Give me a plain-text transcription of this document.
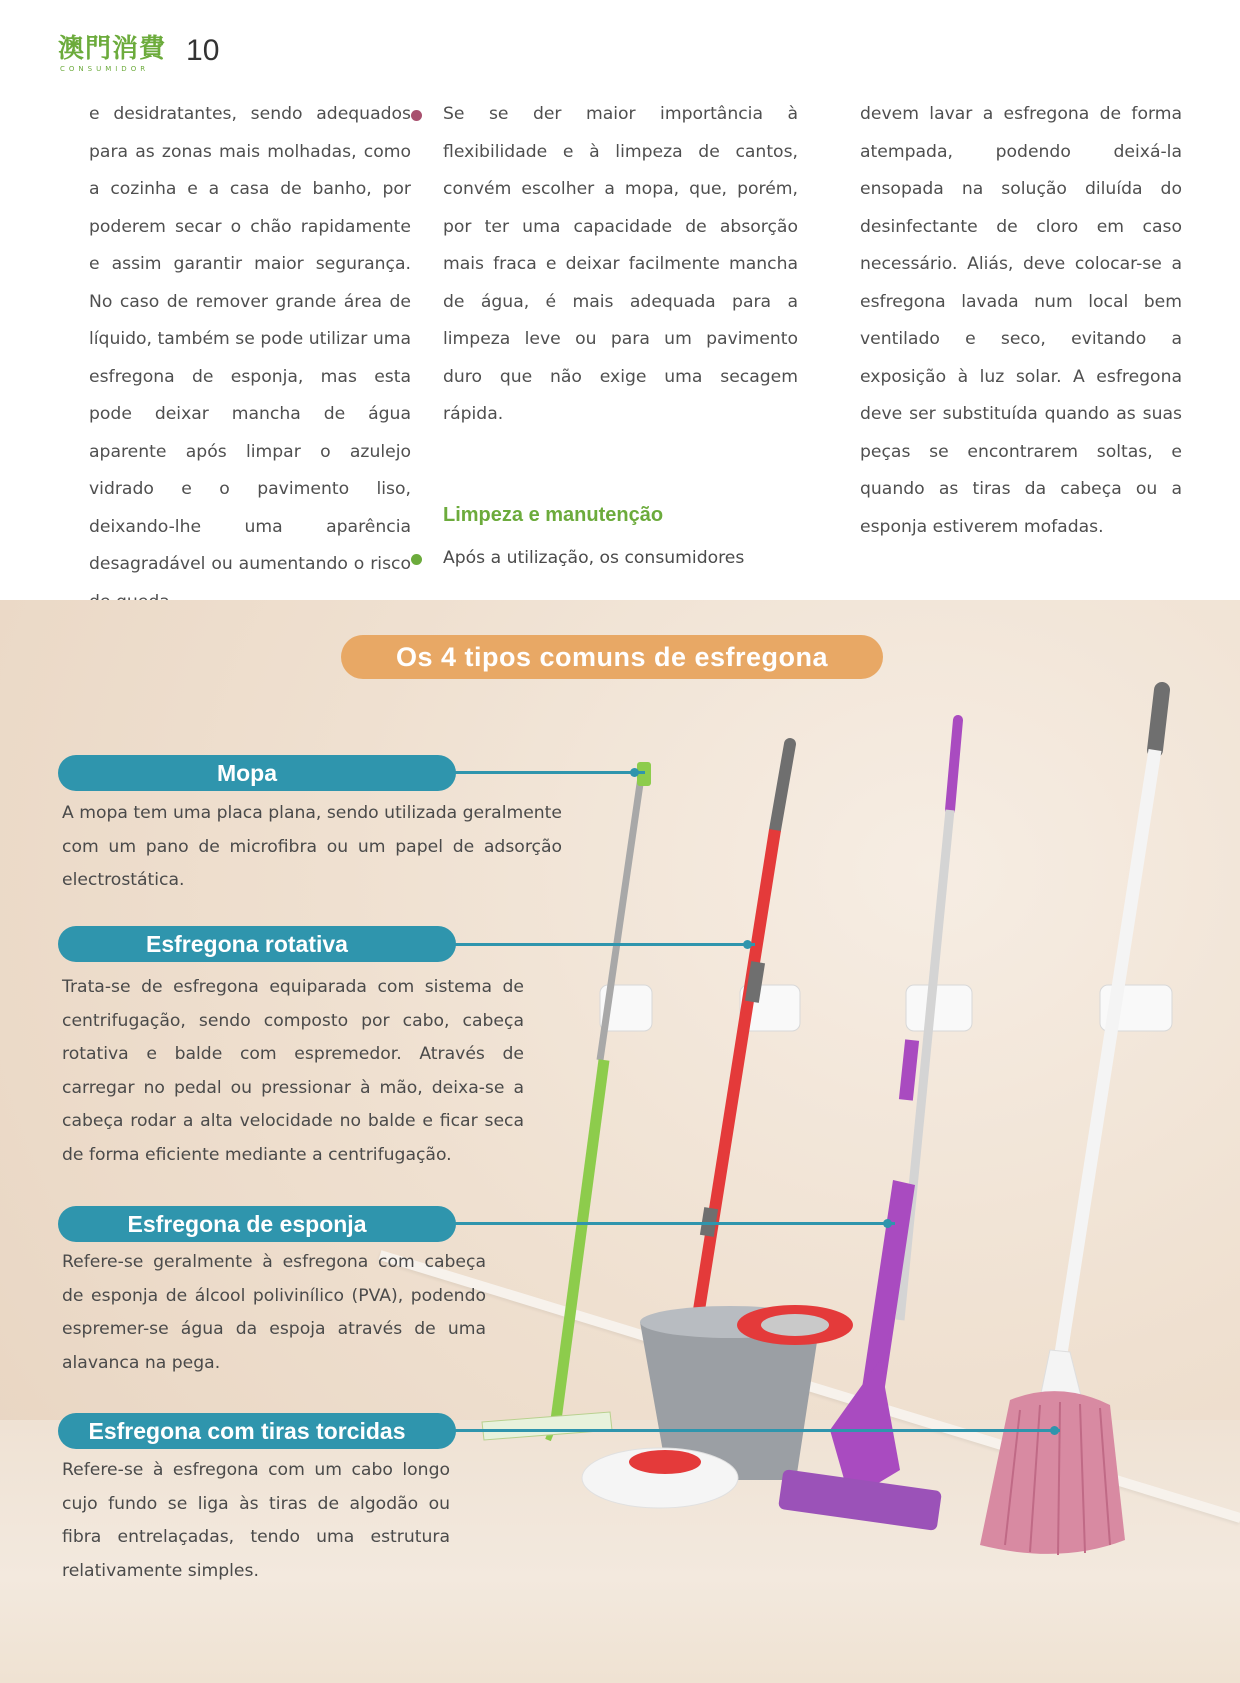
澳門消費
CONSUMIDOR
10

e desidratantes, sendo adequados para as zonas mais molhadas, como a cozinha e a casa de banho, por poderem secar o chão rapidamente e assim garantir maior segurança. No caso de remover grande área de líquido, também se pode utilizar uma esfregona de esponja, mas esta pode deixar mancha de água aparente após limpar o azulejo vidrado e o pavimento liso, deixando-lhe uma aparência desagradável ou aumentando o risco

Se se der maior importância à flexibilidade e à limpeza de cantos, convém escolher a mopa, que, porém, por ter uma capacidade de absorção mais fraca e deixar facilmente mancha de água, é mais adequada para a limpeza leve ou para um pavimento duro que não exige uma secagem rápida.

Limpeza e manutenção
Após a utilização, os consumidores

devem lavar a esfregona de forma atempada, podendo deixá-la ensopada na solução diluída do desinfectante de cloro em caso necessário. Aliás, deve colocar-se a esfregona lavada num local bem ventilado e seco, evitando a exposição à luz solar. A esfregona deve ser substituída quando as suas peças se encontrarem soltas, e quando as tiras da cabeça ou a esponja estiverem mofadas.

Os 4 tipos comuns de esfregona
Mopa

A mopa tem uma placa plana, sendo utilizada geralmente com um pano de microfibra ou um papel de adsorção electrostática.

Esfregona rotativa

Trata-se de esfregona equiparada com sistema de centrifugação, sendo composto por cabo, cabeça rotativa e balde com espremedor. Através de carregar no pedal ou pressionar à mão, deixa-se a cabeça rodar a alta velocidade no balde e ficar seca de forma eficiente mediante a centrifugação.

Esfregona de esponja

Refere-se geralmente à esfregona com cabeça de esponja de álcool polivinílico (PVA), podendo espremer-se água da espoja através de uma alavanca na pega.

Esfregona com tiras torcidas

Refere-se à esfregona com um cabo longo cujo fundo se liga às tiras de algodão ou fibra entrelaçadas, tendo uma estrutura relativamente simples.
